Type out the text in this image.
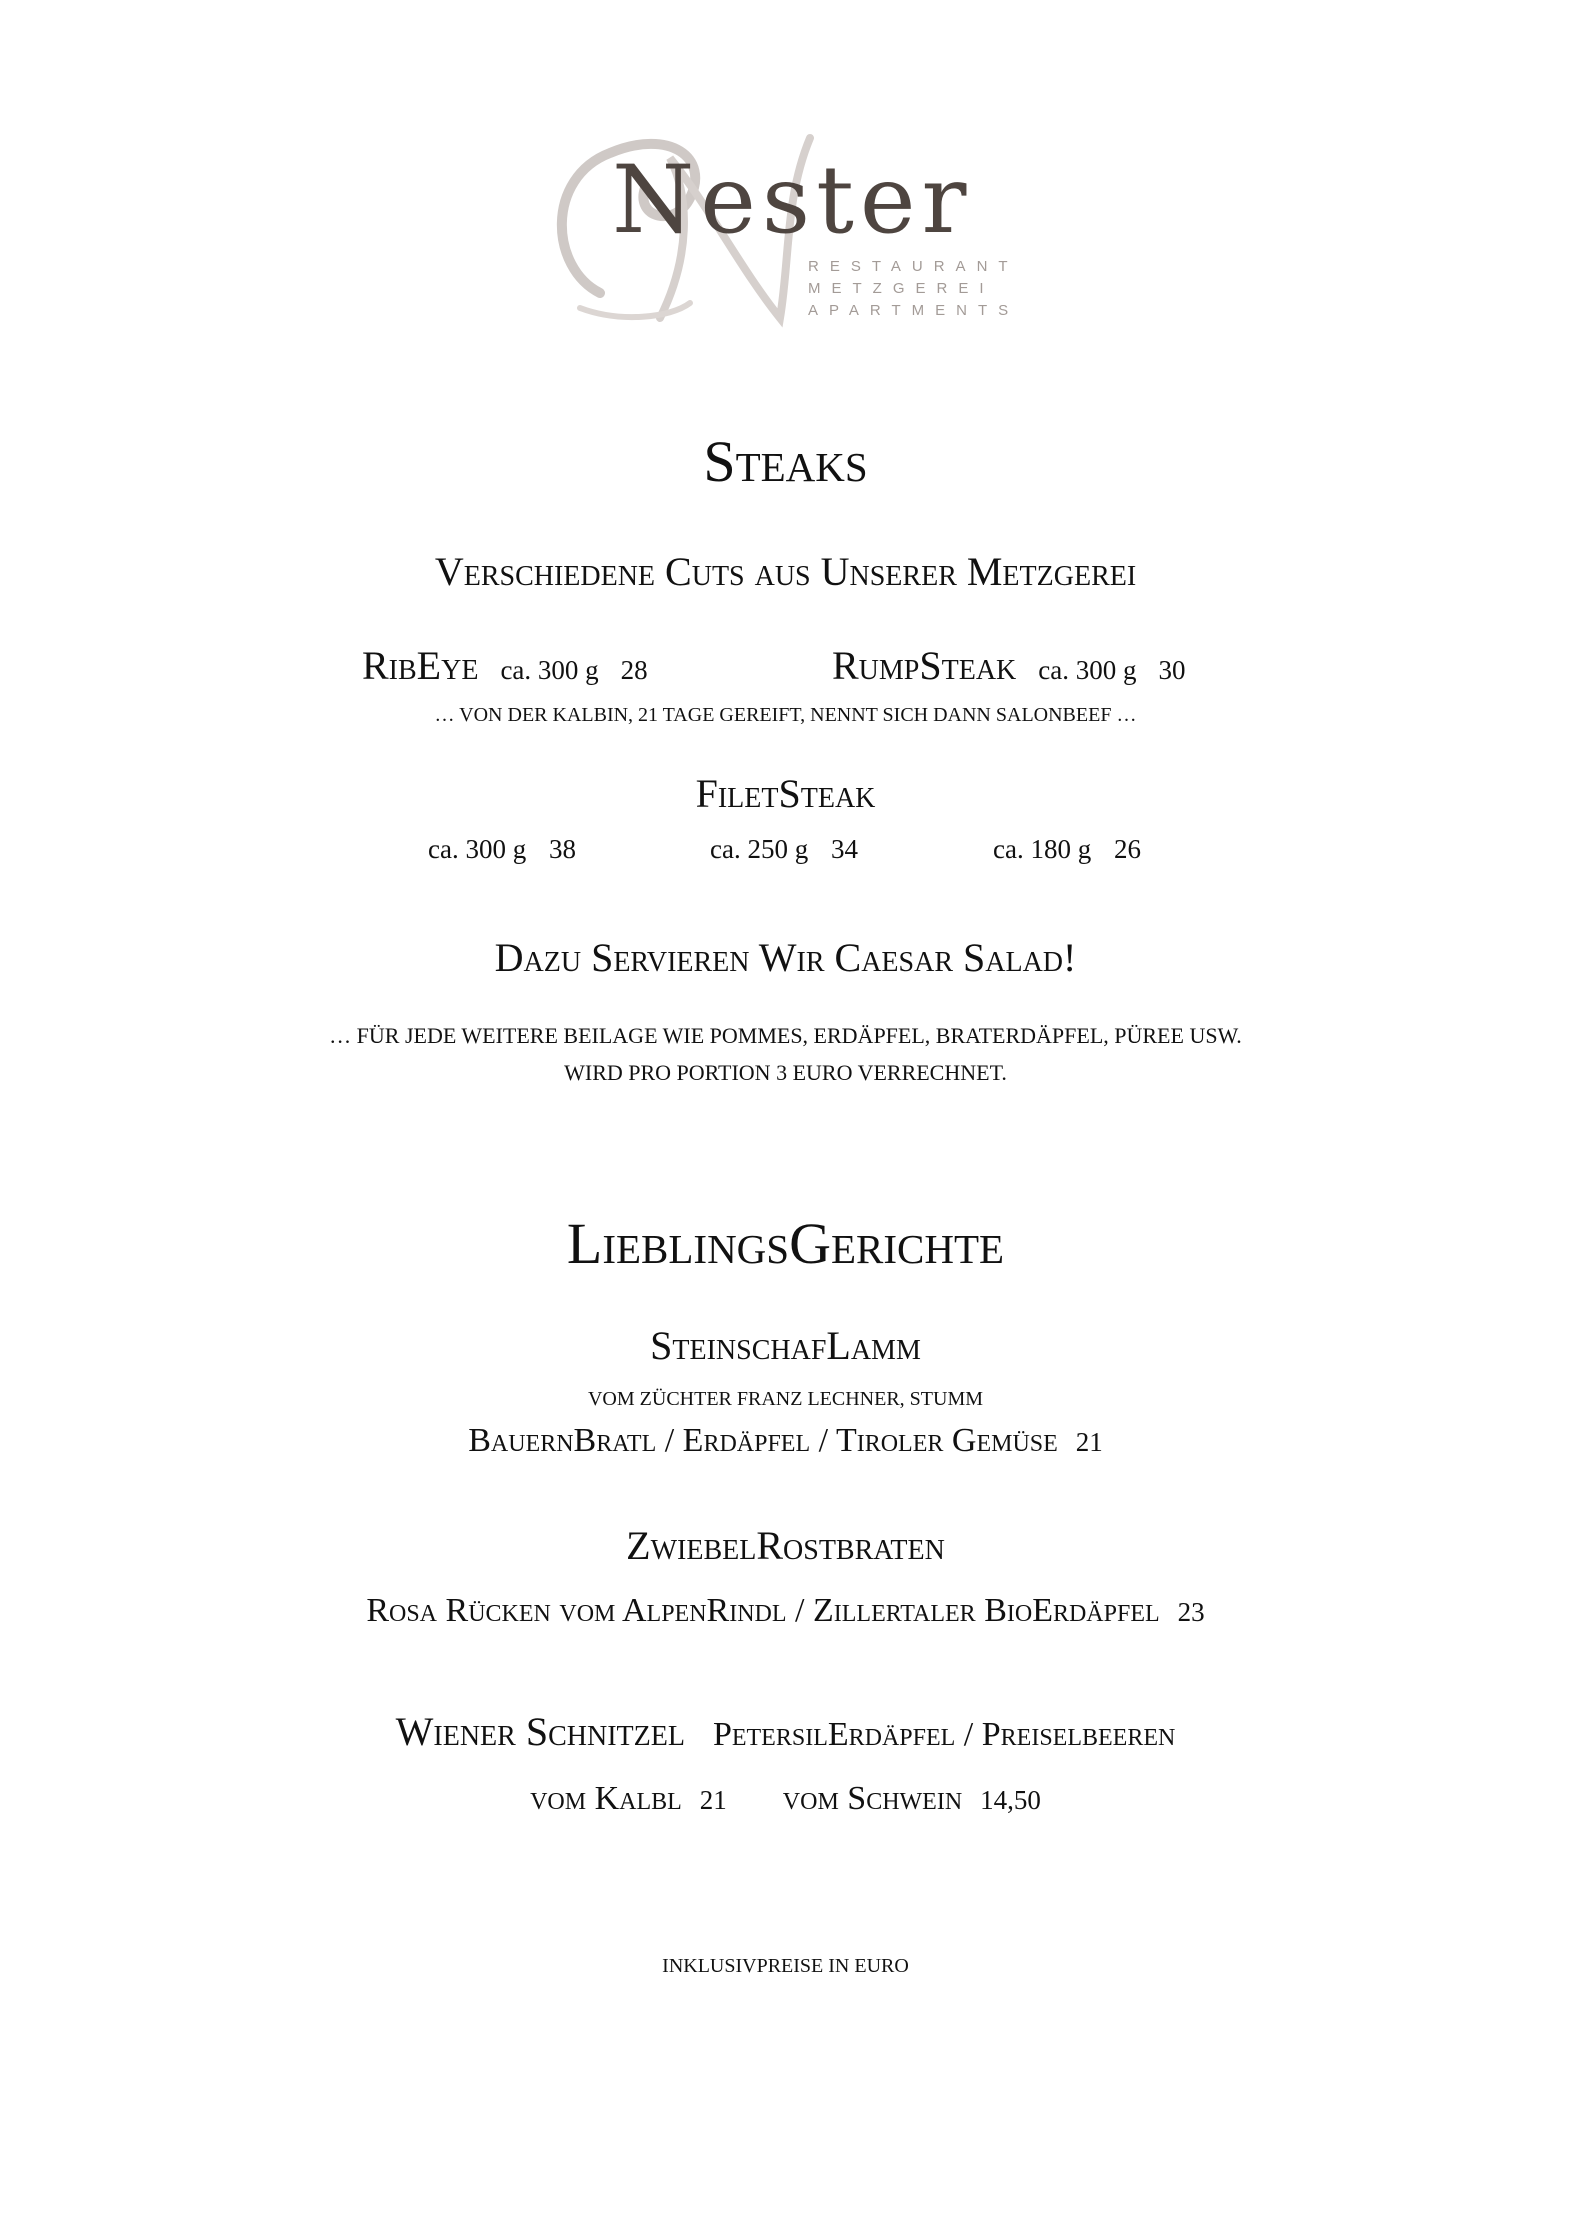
Nester
RESTAURANT
METZGEREI
APARTMENTS
Steaks
Verschiedene Cuts aus Unserer Metzgerei
RibEye ca. 300 g 28	RumpSteak ca. 300 g 30
… VON DER KALBIN, 21 TAGE GEREIFT, NENNT SICH DANN SALONBEEF …
FiletSteak
ca. 300 g 38	ca. 250 g 34	ca. 180 g 26
Dazu Servieren Wir Caesar Salad!
… FÜR JEDE WEITERE BEILAGE WIE POMMES, ERDÄPFEL, BRATERDÄPFEL, PÜREE USW.
WIRD PRO PORTION 3 EURO VERRECHNET.
LieblingsGerichte
SteinschafLamm
VOM ZÜCHTER FRANZ LECHNER, STUMM
BauernBratl / Erdäpfel / Tiroler Gemüse 21
ZwiebelRostbraten
Rosa Rücken vom AlpenRindl / Zillertaler BioErdäpfel 23
Wiener Schnitzel PetersilErdäpfel / Preiselbeeren
vom Kalbl 21 vom Schwein 14,50
INKLUSIVPREISE IN EURO
